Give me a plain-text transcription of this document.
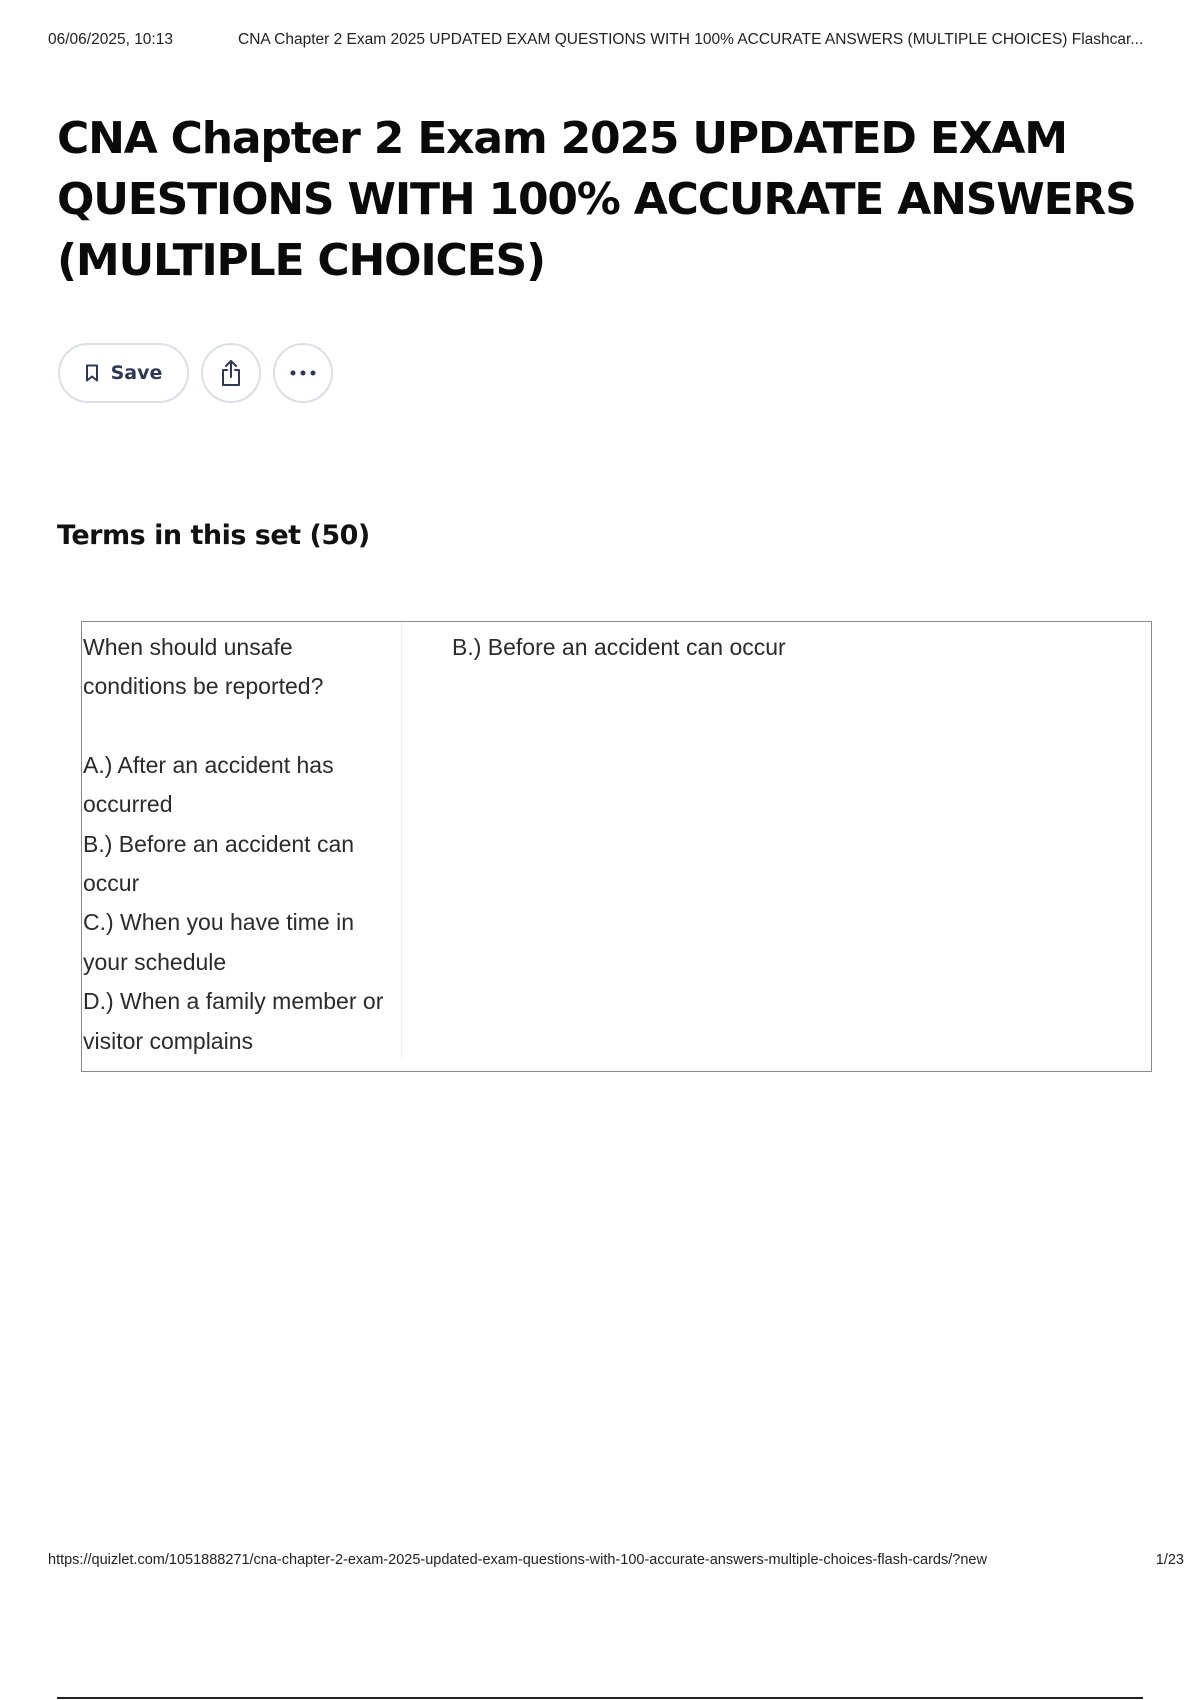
06/06/2025, 10:13	CNA Chapter 2 Exam 2025 UPDATED EXAM QUESTIONS WITH 100% ACCURATE ANSWERS (MULTIPLE CHOICES) Flashcar...
CNA Chapter 2 Exam 2025 UPDATED EXAM QUESTIONS WITH 100% ACCURATE ANSWERS (MULTIPLE CHOICES)
Save
Terms in this set (50)
When should unsafe conditions be reported?
A.) After an accident has occurred
B.) Before an accident can occur
C.) When you have time in your schedule
D.) When a family member or visitor complains
B.) Before an accident can occur
https://quizlet.com/1051888271/cna-chapter-2-exam-2025-updated-exam-questions-with-100-accurate-answers-multiple-choices-flash-cards/?new	1/23
